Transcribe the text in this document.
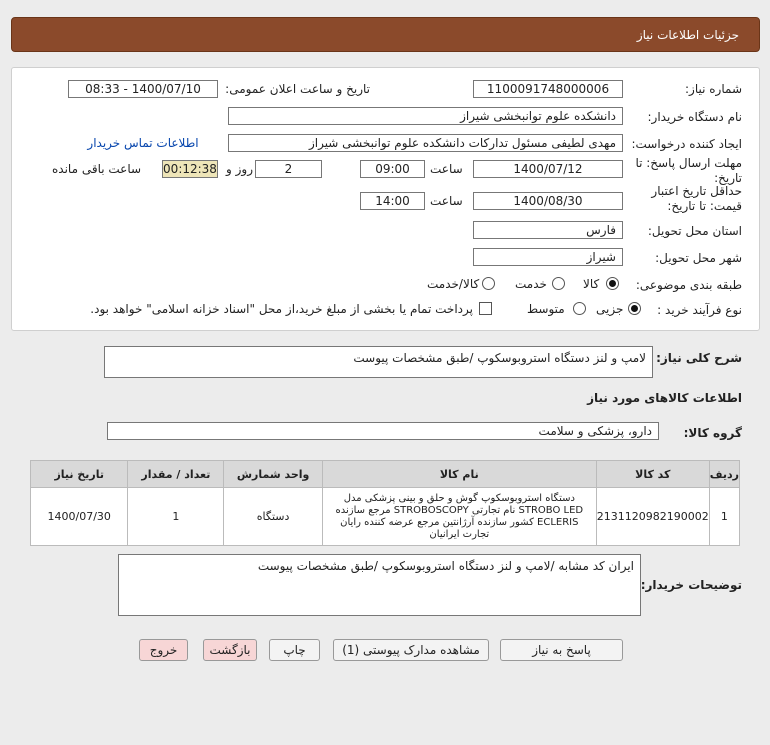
جزئیات اطلاعات نیاز
شماره نیاز:
1100091748000006
تاریخ و ساعت اعلان عمومی:
1400/07/10 - 08:33
نام دستگاه خریدار:
دانشکده علوم توانبخشی شیراز
ایجاد کننده درخواست:
مهدی لطیفی مسئول تدارکات دانشکده علوم توانبخشی شیراز
اطلاعات تماس خریدار
مهلت ارسال پاسخ: تا تاریخ:
1400/07/12
ساعت
09:00
2
روز و
00:12:38
ساعت باقی مانده
حداقل تاریخ اعتبار قیمت: تا تاریخ:
1400/08/30
ساعت
14:00
استان محل تحویل:
فارس
شهر محل تحویل:
شیراز
طبقه بندی موضوعی:
کالا
خدمت
کالا/خدمت
نوع فرآیند خرید :
جزیی
متوسط
پرداخت تمام یا بخشی از مبلغ خرید،از محل "اسناد خزانه اسلامی" خواهد بود.
شرح کلی نیاز:
لامپ و لنز دستگاه استروبوسکوپ /طبق مشخصات پیوست
اطلاعات کالاهای مورد نیاز
گروه کالا:
دارو، پزشکی و سلامت
ردیف	کد کالا	نام کالا	واحد شمارش	تعداد / مقدار	تاریخ نیاز
1	2131120982190002	دستگاه استروبوسکوپ گوش و حلق و بینی پزشکی مدل STROBO LED نام تجارتی STROBOSCOPY مرجع سازنده ECLERIS کشور سازنده آرژانتین مرجع عرضه کننده رایان تجارت ایرانیان	دستگاه	1	1400/07/30
توضیحات خریدار:
ایران کد مشابه /لامپ و لنز دستگاه استروبوسکوپ /طبق مشخصات پیوست
پاسخ به نیاز
مشاهده مدارک پیوستی (1)
چاپ
بازگشت
خروج
